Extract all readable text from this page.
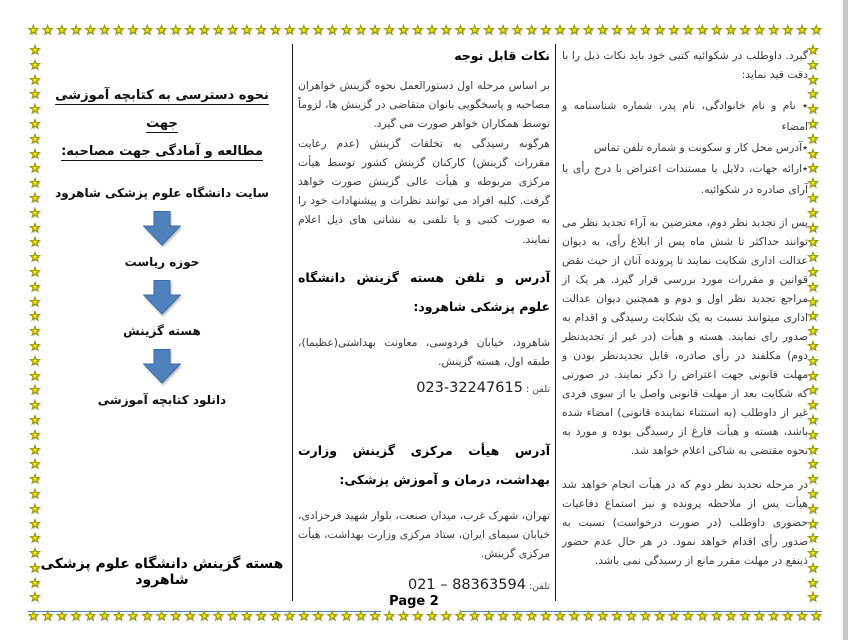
★ ★ ★ ★ ★ ★ ★ ★ ★ ★ ★ ★ ★ ★ ★ ★ ★ ★ ★ ★ ★ ★ ★ ★ ★ ★ ★ ★ ★ ★ ★ ★ ★ ★ ★ ★ ★ ★ ★ ★ ★ ★ ★ ★ ★ ★ ★ ★ ★ ★ ★ ★ ★ ★ ★ ★
★ ★ ★ ★ ★ ★ ★ ★ ★ ★ ★ ★ ★ ★ ★ ★ ★ ★ ★ ★ ★ ★ ★ ★ ★ ★ ★ ★ ★ ★ ★ ★ ★ ★ ★ ★ ★ ★ ★ ★ ★ ★ ★ ★ ★ ★ ★ ★ ★ ★ ★ ★ ★ ★ ★ ★
★
★
★
★
★
★
★
★
★
★
★
★
★
★
★
★
★
★
★
★
★
★
★
★
★
★
★
★
★
★
★
★
★
★
★
★
★
★
★
★
★
★
★
★
★
★
★
★
★
★
★
★
★
★
★
★
★
★
★
★
★
★
★
★
★
★
★
★
★
★
★
★
★
★
★
★
نحوه دسترسی به کتابچه آموزشی جهت
مطالعه و آمادگی جهت مصاحبه:
سایت دانشگاه علوم پزشکی شاهرود
حوزه ریاست
هسته گزینش
دانلود کتابچه آموزشی
هسته گزینش دانشگاه علوم پزشکی شاهرود
نکات قابل توجه

بر اساس مرحله اول دستورالعمل نحوه گزینش خواهران مصاحبه و پاسخگویی بانوان متقاضی در گزینش ها، لزوماً توسط همکاران خواهر صورت می گیرد.

هرگونه رسیدگی به تخلفات گزینش (عدم رعایت مقررات گزینش) کارکنان گزینش کشور توسط هیأت مرکزی مربوطه و هیأت عالی گزینش صورت خواهد گرفت. کلیه افراد می توانند نظرات و پیشنهادات خود را به صورت کتبی و یا تلفنی به نشانی های ذیل اعلام نمایند.

آدرس و تلفن هسته گزینش دانشگاه علوم پزشکی شاهرود:

شاهرود، خیابان فردوسی، معاونت بهداشتی(عظیما)، طبقه اول، هسته گزینش.

تلفن : 023-32247615
آدرس هیأت مرکزی گزینش وزارت بهداشت، درمان و آموزش پزشکی:

تهران، شهرک غرب، میدان صنعت، بلوار شهید فرحزادی، خیابان سیمای ایران، ستاد مرکزی وزارت بهداشت، هیأت مرکزی گزینش.

تلفن: 021 – 88363594

گیرد. داوطلب در شکوائیه کتبی خود باید نکات ذیل را با دقت قید نماید:

٭ نام و نام خانوادگی، نام پدر، شماره شناسنامه و امضاء

٭آدرس محل کار و سکونت و شماره تلفن تماس

٭ارائه جهات، دلایل یا مستندات اعتراض با درج رأی یا آرای صادره در شکوائیه.

پس از تجدید نظر دوم، معترضین به آراء تجدید نظر می توانند حداکثر تا شش ماه پس از ابلاغ رأی، به دیوان عدالت اداری شکایت نمایند تا پرونده آنان از حیث نقض قوانین و مقررات مورد بررسی قرار گیرد. هر یک از مراجع تجدید نظر اول و دوم و همچنین دیوان عدالت اداری میتوانند نسبت به یک شکایت رسیدگی و اقدام به صدور رای نمایند. هسته و هیأت (در غیر از تجدیدنظر دوم) مکلفند در رأی صادره، قابل تجدیدنظر بودن و مهلت قانونی جهت اعتراض را ذکر نمایند. در صورتی که شکایت بعد از مهلت قانونی واصل یا از سوی فردی غیر از داوطلب (به استثناء نماینده قانونی) امضاء شده باشد، هسته و هیأت فارغ از رسیدگی بوده و مورد به نحوه مقتضی به شاکی اعلام خواهد شد.

در مرحله تجدید نظر دوم که در هیأت انجام خواهد شد هیأت پس از ملاحظه پرونده و نیز استماع دفاعیات حضوری داوطلب (در صورت درخواست) نسبت به صدور رأی اقدام خواهد نمود. در هر حال عدم حضور ذینفع در مهلت مقرر مانع از رسیدگی نمی باشد.

Page 2
